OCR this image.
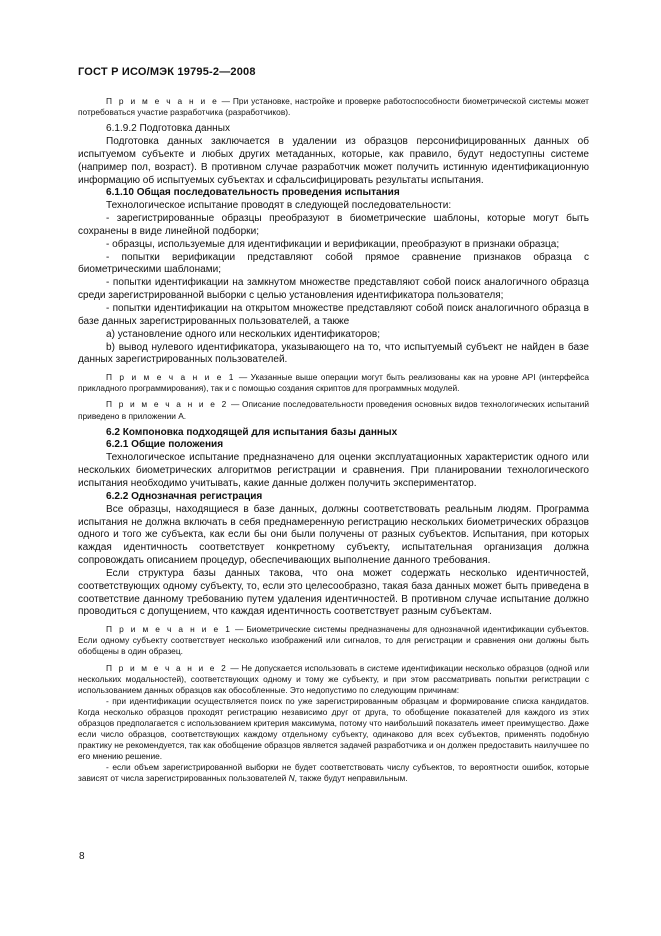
ГОСТ Р ИСО/МЭК 19795-2—2008

П р и м е ч а н и е — При установке, настройке и проверке работоспособности биометрической системы может потребоваться участие разработчика (разработчиков).

6.1.9.2 Подготовка данных

Подготовка данных заключается в удалении из образцов персонифицированных данных об испытуемом субъекте и любых других метаданных, которые, как правило, будут недоступны системе (например пол, возраст). В противном случае разработчик может получить истинную идентификационную информацию об испытуемых субъектах и сфальсифицировать результаты испытания.

6.1.10 Общая последовательность проведения испытания

Технологическое испытание проводят в следующей последовательности:

- зарегистрированные образцы преобразуют в биометрические шаблоны, которые могут быть сохранены в виде линейной подборки;

- образцы, используемые для идентификации и верификации, преобразуют в признаки образца;

- попытки верификации представляют собой прямое сравнение признаков образца с биометрическими шаблонами;

- попытки идентификации на замкнутом множестве представляют собой поиск аналогичного образца среди зарегистрированной выборки с целью установления идентификатора пользователя;

- попытки идентификации на открытом множестве представляют собой поиск аналогичного образца в базе данных зарегистрированных пользователей, а также

a) установление одного или нескольких идентификаторов;

b) вывод нулевого идентификатора, указывающего на то, что испытуемый субъект не найден в базе данных зарегистрированных пользователей.

П р и м е ч а н и е 1 — Указанные выше операции могут быть реализованы как на уровне API (интерфейса прикладного программирования), так и с помощью создания скриптов для программных модулей.

П р и м е ч а н и е 2 — Описание последовательности проведения основных видов технологических испытаний приведено в приложении А.

6.2 Компоновка подходящей для испытания базы данных

6.2.1 Общие положения

Технологическое испытание предназначено для оценки эксплуатационных характеристик одного или нескольких биометрических алгоритмов регистрации и сравнения. При планировании технологического испытания необходимо учитывать, какие данные должен получить экспериментатор.

6.2.2 Однозначная регистрация

Все образцы, находящиеся в базе данных, должны соответствовать реальным людям. Программа испытания не должна включать в себя преднамеренную регистрацию нескольких биометрических образцов одного и того же субъекта, как если бы они были получены от разных субъектов. Испытания, при которых каждая идентичность соответствует конкретному субъекту, испытательная организация должна сопровождать описанием процедур, обеспечивающих выполнение данного требования.

Если структура базы данных такова, что она может содержать несколько идентичностей, соответствующих одному субъекту, то, если это целесообразно, такая база данных может быть приведена в соответствие данному требованию путем удаления идентичностей. В противном случае испытание должно проводиться с допущением, что каждая идентичность соответствует разным субъектам.

П р и м е ч а н и е 1 — Биометрические системы предназначены для однозначной идентификации субъектов. Если одному субъекту соответствует несколько изображений или сигналов, то для регистрации и сравнения они должны быть обобщены в один образец.

П р и м е ч а н и е 2 — Не допускается использовать в системе идентификации несколько образцов (одной или нескольких модальностей), соответствующих одному и тому же субъекту, и при этом рассматривать попытки регистрации с использованием данных образцов как обособленные. Это недопустимо по следующим причинам:

- при идентификации осуществляется поиск по уже зарегистрированным образцам и формирование списка кандидатов. Когда несколько образцов проходят регистрацию независимо друг от друга, то обобщение показателей для каждого из этих образцов предполагается с использованием критерия максимума, потому что наибольший показатель имеет преимущество. Даже если число образцов, соответствующих каждому отдельному субъекту, одинаково для всех субъектов, применять подобную практику не рекомендуется, так как обобщение образцов является задачей разработчика и он должен предоставить наилучшее по его мнению решение.

- если объем зарегистрированной выборки не будет соответствовать числу субъектов, то вероятности ошибок, которые зависят от числа зарегистрированных пользователей N, также будут неправильным.

8
